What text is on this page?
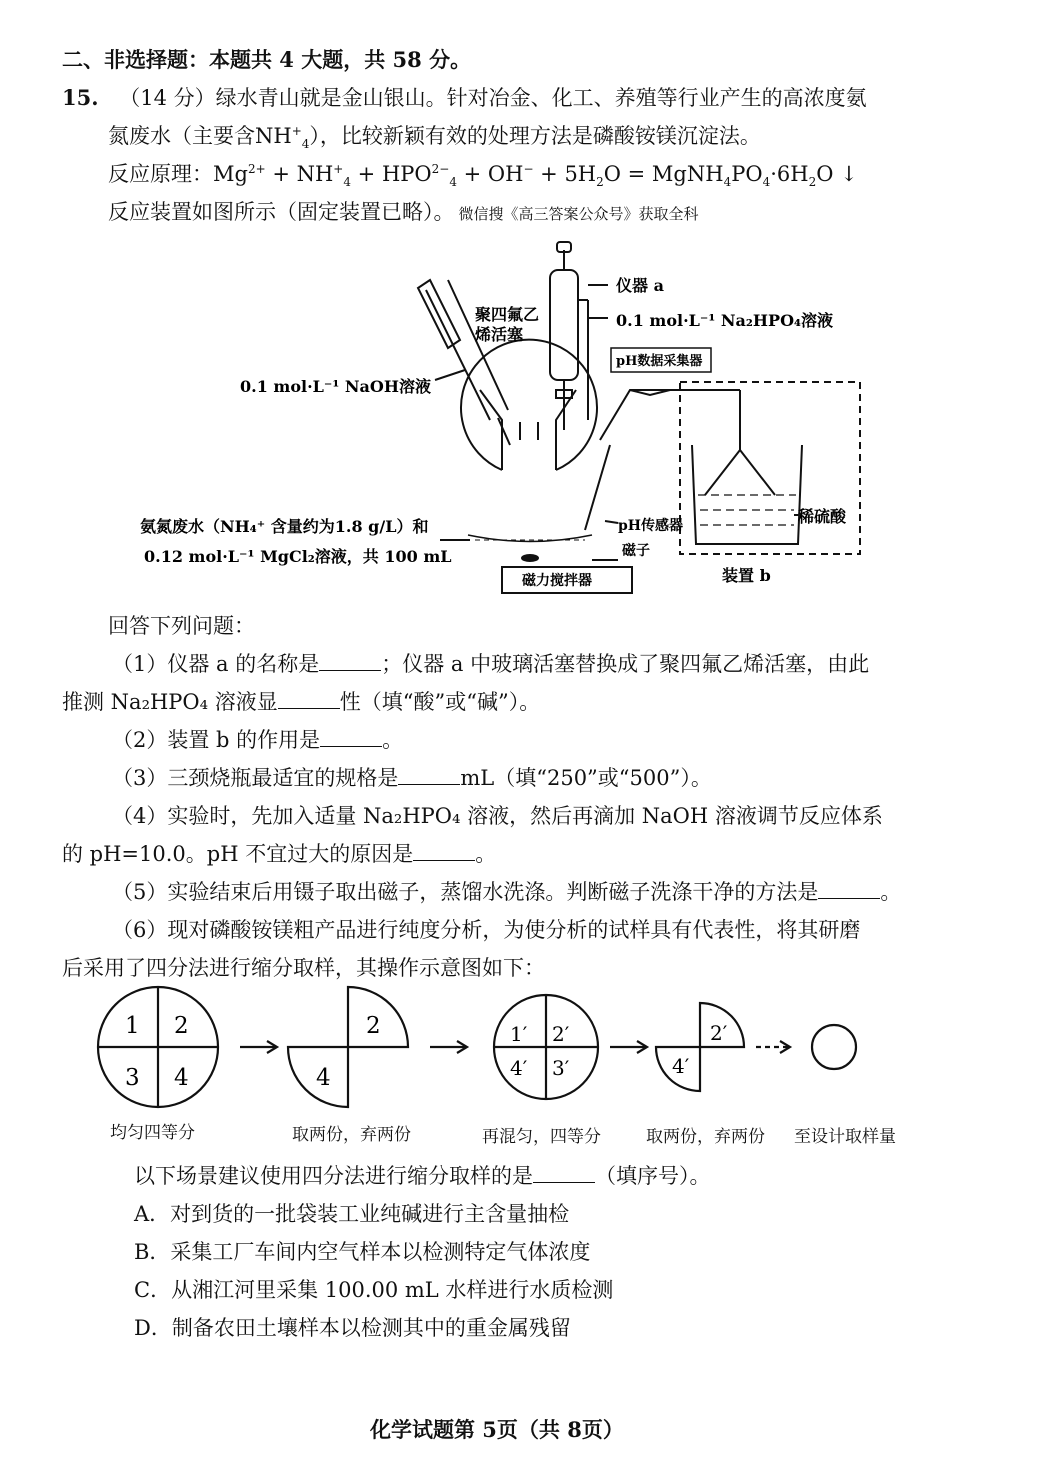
二、非选择题：本题共 4 大题，共 58 分。
15. （14 分）绿水青山就是金山银山。针对冶金、化工、养殖等行业产生的高浓度氨
氮废水（主要含$NH^+_4$），比较新颖有效的处理方法是磷酸铵镁沉淀法。
反应原理：$Mg^{2+} + NH^+_4 + HPO^{2-}_4 + OH^- + 5H_2O$ = $MgNH_4PO_4\cdot 6H_2O$ ↓
反应装置如图所示（固定装置已略）。 微信搜《高三答案公众号》获取全科
仪器 a
0.1 mol·L⁻¹ Na₂HPO₄溶液
聚四氟乙
烯活塞
0.1 mol·L⁻¹ NaOH溶液
pH数据采集器
氨氮废水（NH₄⁺ 含量约为1.8 g/L）和
0.12 mol·L⁻¹ MgCl₂溶液，共 100 mL
pH传感器
磁子
磁力搅拌器
稀硫酸
装置 b
回答下列问题：
（1）仪器 a 的名称是	；仪器 a 中玻璃活塞替换成了聚四氟乙烯活塞，由此
推测 Na₂HPO₄ 溶液显	性（填“酸”或“碱”）。
（2）装置 b 的作用是	。
（3）三颈烧瓶最适宜的规格是	mL（填“250”或“500”）。
（4）实验时，先加入适量 Na₂HPO₄ 溶液，然后再滴加 NaOH 溶液调节反应体系
的 pH=10.0。pH 不宜过大的原因是	。
（5）实验结束后用镊子取出磁子，蒸馏水洗涤。判断磁子洗涤干净的方法是	。
（6）现对磷酸铵镁粗产品进行纯度分析，为使分析的试样具有代表性，将其研磨
后采用了四分法进行缩分取样，其操作示意图如下：
1 2
3 4
2
4
1′ 2′
4′ 3′
2′
4′
均匀四等分	取两份，弃两份	再混匀，四等分	取两份，弃两份 至设计取样量
以下场景建议使用四分法进行缩分取样的是	（填序号）。
A．对到货的一批袋装工业纯碱进行主含量抽检
B．采集工厂车间内空气样本以检测特定气体浓度
C．从湘江河里采集 100.00 mL 水样进行水质检测
D．制备农田土壤样本以检测其中的重金属残留
化学试题第 5页（共 8页）
